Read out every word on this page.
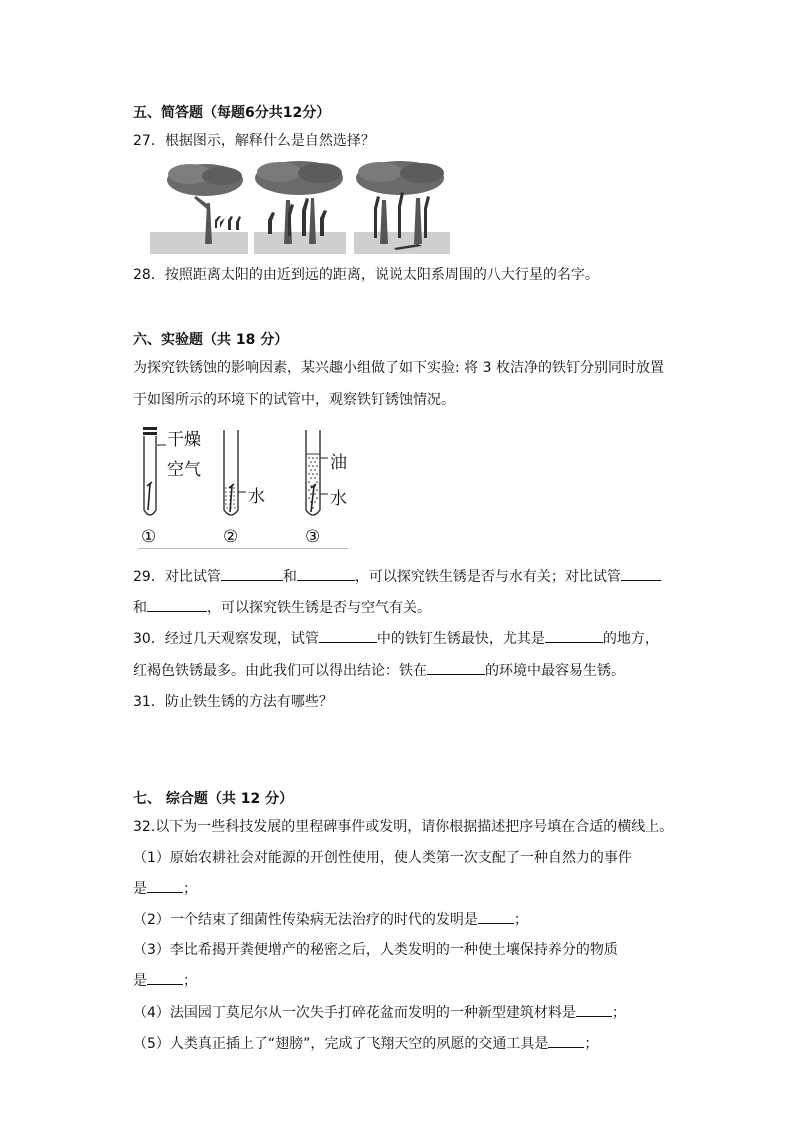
五、简答题（每题6分共12分）
27．根据图示，解释什么是自然选择？
28．按照距离太阳的由近到远的距离，说说太阳系周围的八大行星的名字。
六、实验题（共 18 分）
为探究铁锈蚀的影响因素，某兴趣小组做了如下实验: 将 3 枚洁净的铁钉分别同时放置
于如图所示的环境下的试管中，观察铁钉锈蚀情况。
干燥
空气
水
油
水
①	②	③
29．对比试管	和	，可以探究铁生锈是否与水有关；对比试管
和	，可以探究铁生锈是否与空气有关。
30．经过几天观察发现，试管	中的铁钉生锈最快，尤其是	的地方，
红褐色铁锈最多。由此我们可以得出结论：铁在	的环境中最容易生锈。
31．防止铁生锈的方法有哪些？
七、 综合题（共 12 分）
32.以下为一些科技发展的里程碑事件或发明，请你根据描述把序号填在合适的横线上。
（1）原始农耕社会对能源的开创性使用，使人类第一次支配了一种自然力的事件
是	；
（2）一个结束了细菌性传染病无法治疗的时代的发明是	；
（3）李比希揭开粪便增产的秘密之后，人类发明的一种使土壤保持养分的物质
是	；
（4）法国园丁莫尼尔从一次失手打碎花盆而发明的一种新型建筑材料是	；
（5）人类真正插上了“翅膀”，完成了飞翔天空的夙愿的交通工具是	；
